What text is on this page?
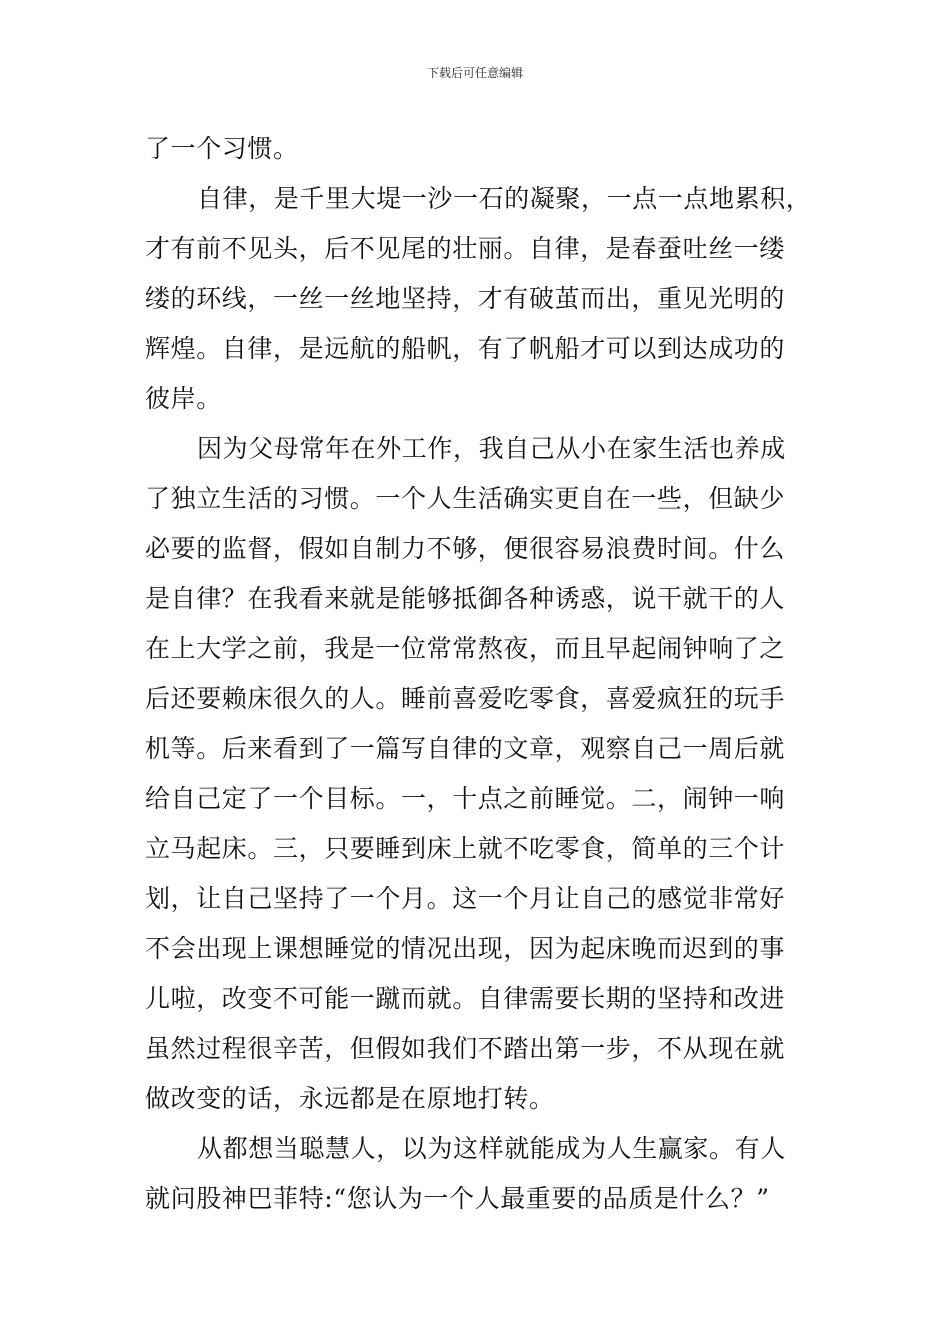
下载后可任意编辑
了一个习惯。
自律，是千里大堤一沙一石的凝聚，一点一点地累积，
才有前不见头，后不见尾的壮丽。自律，是春蚕吐丝一缕
缕的环线，一丝一丝地坚持，才有破茧而出，重见光明的
辉煌。自律，是远航的船帆，有了帆船才可以到达成功的
彼岸。
因为父母常年在外工作，我自己从小在家生活也养成
了独立生活的习惯。一个人生活确实更自在一些，但缺少
必要的监督，假如自制力不够，便很容易浪费时间。什么
是自律？在我看来就是能够抵御各种诱惑，说干就干的人
在上大学之前，我是一位常常熬夜，而且早起闹钟响了之
后还要赖床很久的人。睡前喜爱吃零食，喜爱疯狂的玩手
机等。后来看到了一篇写自律的文章，观察自己一周后就
给自己定了一个目标。一，十点之前睡觉。二，闹钟一响
立马起床。三，只要睡到床上就不吃零食，简单的三个计
划，让自己坚持了一个月。这一个月让自己的感觉非常好
不会出现上课想睡觉的情况出现，因为起床晚而迟到的事
儿啦，改变不可能一蹴而就。自律需要长期的坚持和改进
虽然过程很辛苦，但假如我们不踏出第一步，不从现在就
做改变的话，永远都是在原地打转。
从都想当聪慧人，以为这样就能成为人生赢家。有人
就问股神巴菲特:“您认为一个人最重要的品质是什么？”
